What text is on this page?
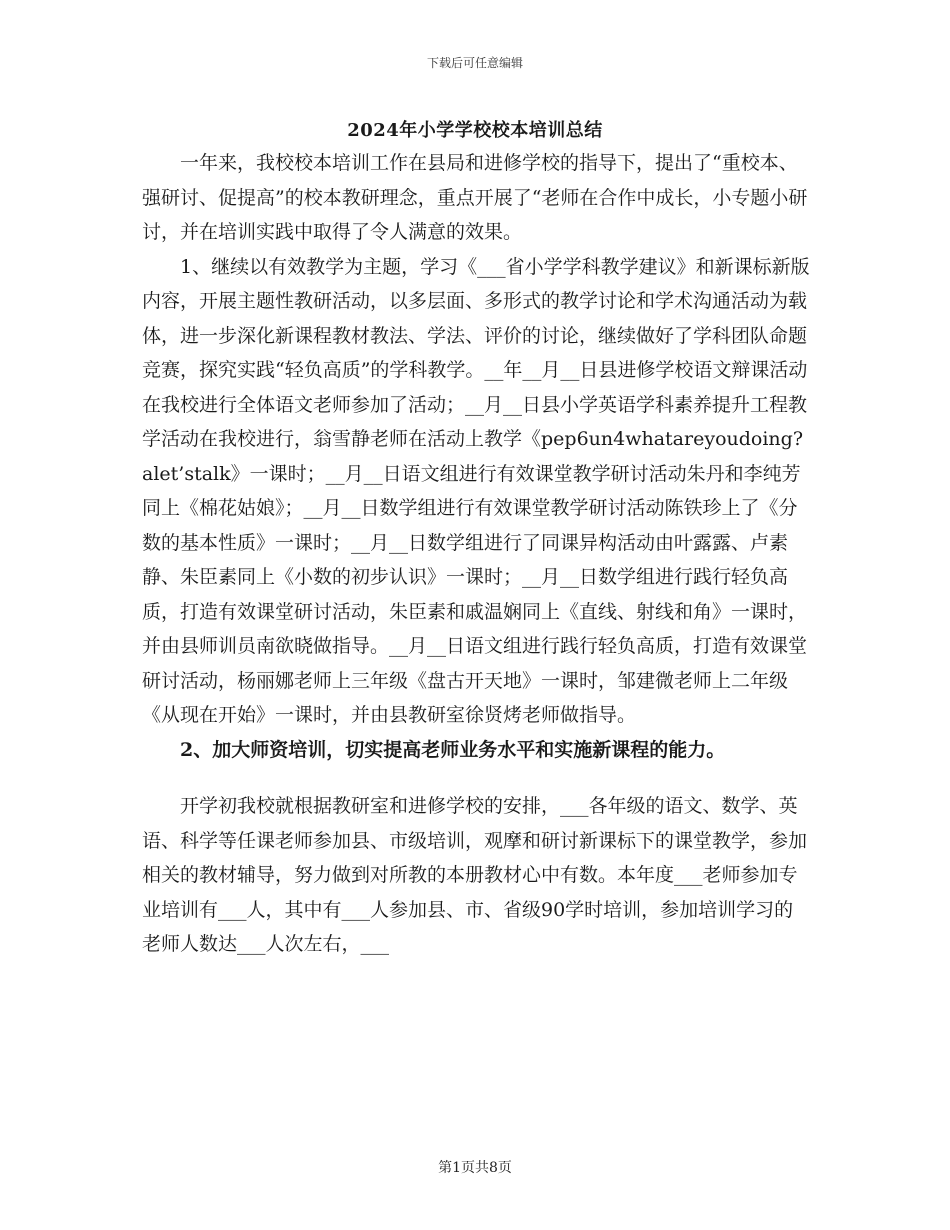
下载后可任意编辑
2024年小学学校校本培训总结

一年来，我校校本培训工作在县局和进修学校的指导下，提出了“重校本、强研讨、促提高”的校本教研理念，重点开展了“老师在合作中成长，小专题小研讨，并在培训实践中取得了令人满意的效果。

1、继续以有效教学为主题，学习《___省小学学科教学建议》和新课标新版内容，开展主题性教研活动，以多层面、多形式的教学讨论和学术沟通活动为载体，进一步深化新课程教材教法、学法、评价的讨论，继续做好了学科团队命题竞赛，探究实践“轻负高质”的学科教学。__年__月__日县进修学校语文辩课活动在我校进行全体语文老师参加了活动；__月__日县小学英语学科素养提升工程教学活动在我校进行，翁雪静老师在活动上教学《pep6un4whatareyoudoing?alet’stalk》一课时；__月__日语文组进行有效课堂教学研讨活动朱丹和李纯芳同上《棉花姑娘》；__月__日数学组进行有效课堂教学研讨活动陈铁珍上了《分数的基本性质》一课时；__月__日数学组进行了同课异构活动由叶露露、卢素静、朱臣素同上《小数的初步认识》一课时；__月__日数学组进行践行轻负高质，打造有效课堂研讨活动，朱臣素和戚温娴同上《直线、射线和角》一课时，并由县师训员南欲晓做指导。__月__日语文组进行践行轻负高质，打造有效课堂研讨活动，杨丽娜老师上三年级《盘古开天地》一课时，邹建微老师上二年级《从现在开始》一课时，并由县教研室徐贤烤老师做指导。

2、加大师资培训，切实提高老师业务水平和实施新课程的能力。

开学初我校就根据教研室和进修学校的安排，___各年级的语文、数学、英语、科学等任课老师参加县、市级培训，观摩和研讨新课标下的课堂教学，参加相关的教材辅导，努力做到对所教的本册教材心中有数。本年度___老师参加专业培训有___人，其中有___人参加县、市、省级90学时培训，参加培训学习的老师人数达___人次左右，___

第1页共8页
